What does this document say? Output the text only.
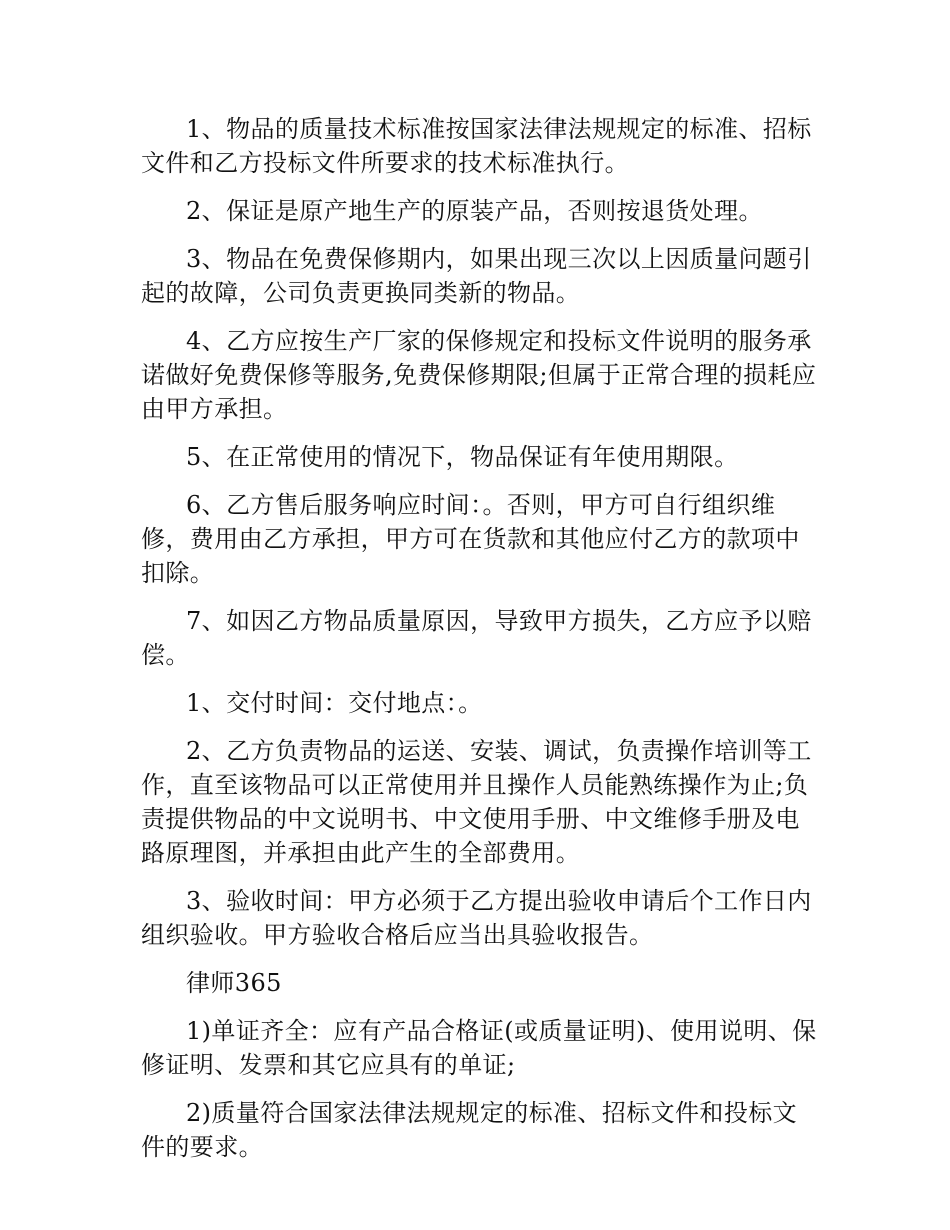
1、物品的质量技术标准按国家法律法规规定的标准、招标文件和乙方投标文件所要求的技术标准执行。

2、保证是原产地生产的原装产品，否则按退货处理。

3、物品在免费保修期内，如果出现三次以上因质量问题引起的故障，公司负责更换同类新的物品。

4、乙方应按生产厂家的保修规定和投标文件说明的服务承诺做好免费保修等服务,免费保修期限;但属于正常合理的损耗应由甲方承担。

5、在正常使用的情况下，物品保证有年使用期限。

6、乙方售后服务响应时间：。否则，甲方可自行组织维修，费用由乙方承担，甲方可在货款和其他应付乙方的款项中扣除。

7、如因乙方物品质量原因，导致甲方损失，乙方应予以赔偿。

1、交付时间：交付地点：。

2、乙方负责物品的运送、安装、调试，负责操作培训等工作，直至该物品可以正常使用并且操作人员能熟练操作为止;负责提供物品的中文说明书、中文使用手册、中文维修手册及电路原理图，并承担由此产生的全部费用。

3、验收时间：甲方必须于乙方提出验收申请后个工作日内组织验收。甲方验收合格后应当出具验收报告。

律师365

1)单证齐全：应有产品合格证(或质量证明)、使用说明、保修证明、发票和其它应具有的单证;

2)质量符合国家法律法规规定的标准、招标文件和投标文件的要求。
